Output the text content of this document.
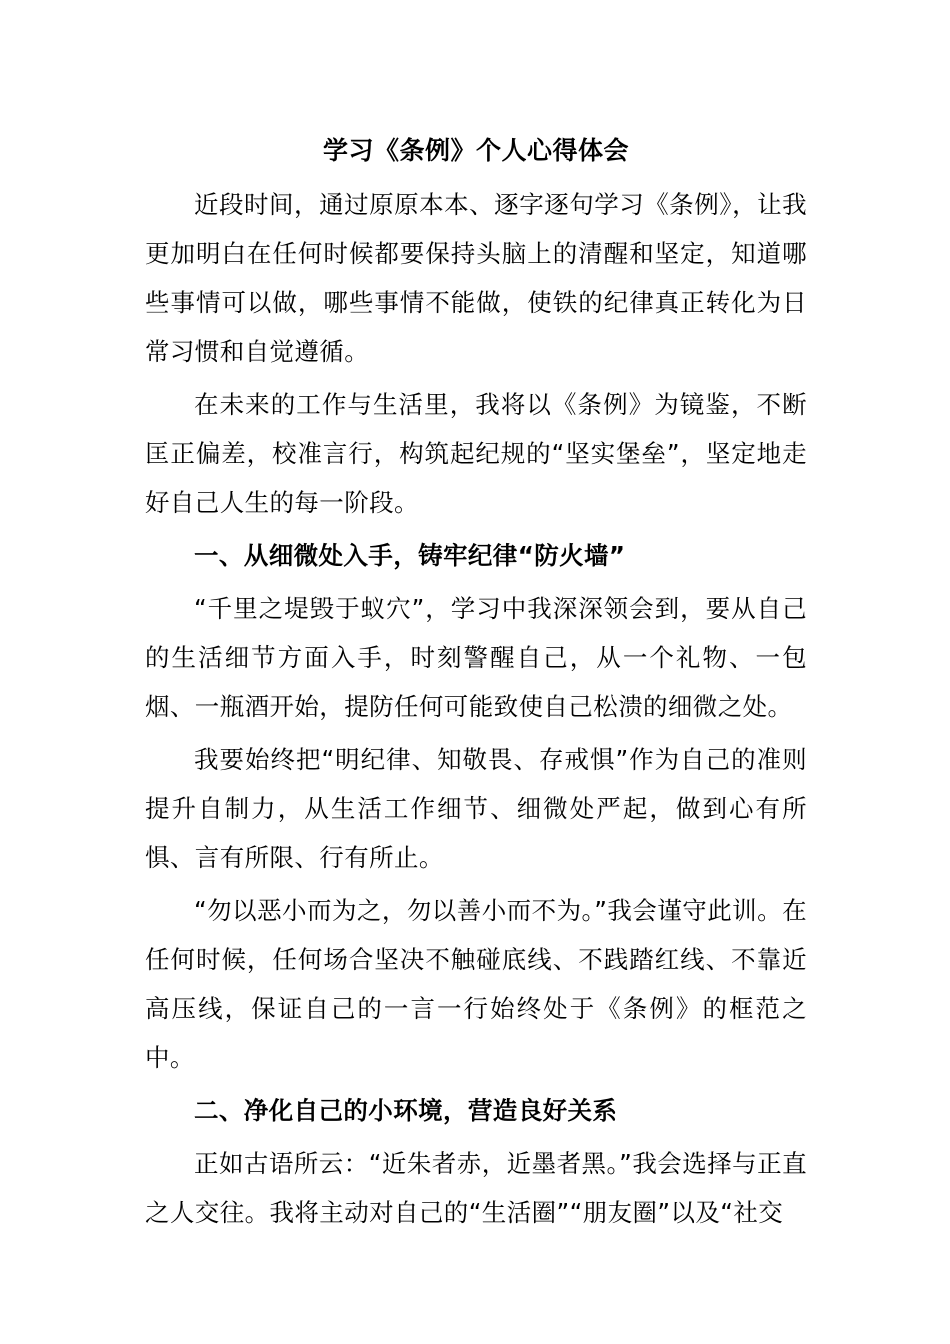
学习《条例》个人心得体会

近段时间，通过原原本本、逐字逐句学习《条例》，让我更加明白在任何时候都要保持头脑上的清醒和坚定，知道哪些事情可以做，哪些事情不能做，使铁的纪律真正转化为日常习惯和自觉遵循。

在未来的工作与生活里，我将以《条例》为镜鉴，不断匡正偏差，校准言行，构筑起纪规的“坚实堡垒”，坚定地走好自己人生的每一阶段。

一、从细微处入手，铸牢纪律“防火墙”

“千里之堤毁于蚁穴”，学习中我深深领会到，要从自己的生活细节方面入手，时刻警醒自己，从一个礼物、一包烟、一瓶酒开始，提防任何可能致使自己松溃的细微之处。

我要始终把“明纪律、知敬畏、存戒惧”作为自己的准则提升自制力，从生活工作细节、细微处严起，做到心有所惧、言有所限、行有所止。

“勿以恶小而为之，勿以善小而不为。”我会谨守此训。在任何时候，任何场合坚决不触碰底线、不践踏红线、不靠近高压线，保证自己的一言一行始终处于《条例》的框范之中。

二、净化自己的小环境，营造良好关系

正如古语所云：“近朱者赤，近墨者黑。”我会选择与正直之人交往。我将主动对自己的“生活圈”“朋友圈”以及“社交
